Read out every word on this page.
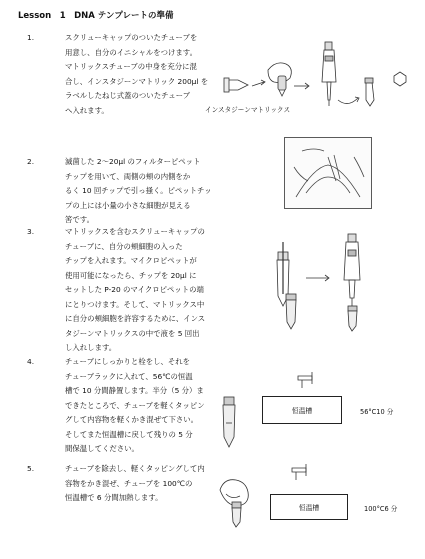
Lesson　1　DNA テンプレートの準備
1.	スクリューキャップのついたチューブを
用意し、自分のイニシャルをつけます。
マトリックスチューブの中身を充分に混
合し、インスタジーンマトリック 200µl を
ラベルしたねじ式蓋のついたチューブ
へ入れます。
2.	滅菌した 2～20µl のフィルターピペット
チップを用いて、両側の頬の内側をか
るく 10 回チップで引っ掻く。ピペットチッ
プの上には小量の小さな細胞が見える
筈です。
3.	マトリックスを含むスクリューキャップの
チューブに、自分の頬細胞の入った
チップを入れます。マイクロピペットが
使用可能になったら、チップを 20µl に
セットした P-20 のマイクロピペットの端
にとりつけます。そして、マトリックス中
に自分の頬細胞を許容するために、インス
タジーンマトリックスの中で液を 5 回出
し入れします。
4.	チューブにしっかりと栓をし、それを
チューブラックに入れて、56℃の恒温
槽で 10 分間静置します。半分（5 分）ま
できたところで、チューブを軽くタッピン
グして内容物を軽くかき混ぜて下さい。
そしてまた恒温槽に戻して残りの 5 分
間保温してください。
5.	チューブを除去し、軽くタッピングして内
容物をかき混ぜ、チューブを 100℃の
恒温槽で 6 分間加熱します。
インスタジーンマトリックス
恒温槽	56°C10 分
恒温槽	100°C6 分
